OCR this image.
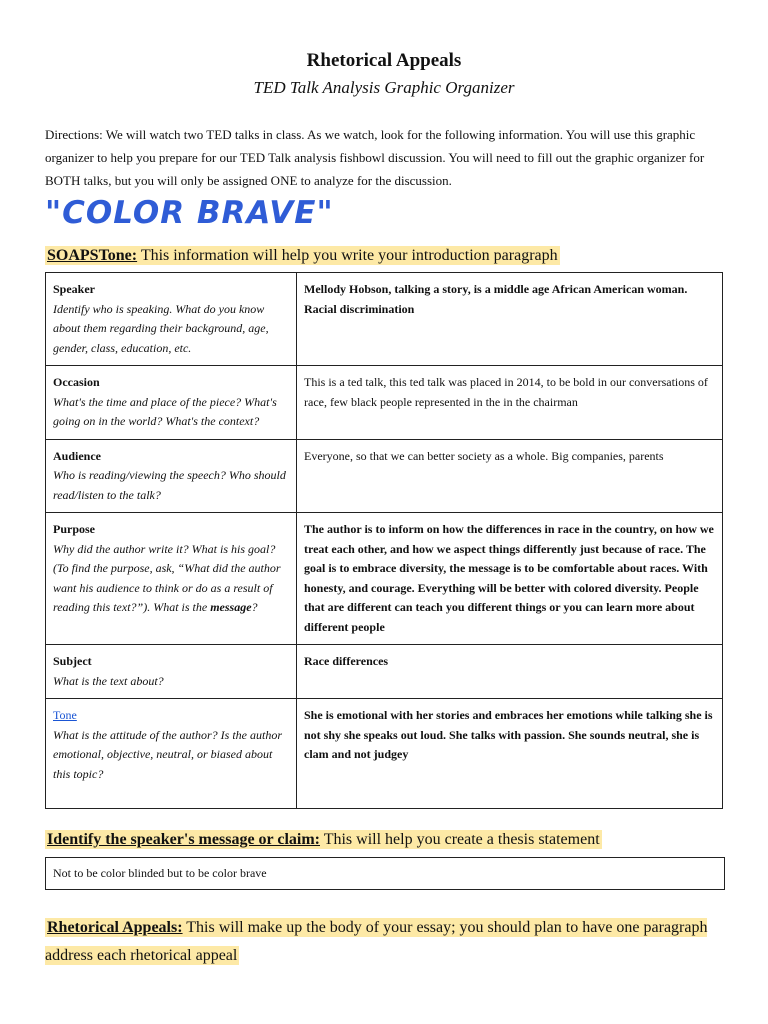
Rhetorical Appeals
TED Talk Analysis Graphic Organizer
Directions: We will watch two TED talks in class. As we watch, look for the following information. You will use this graphic organizer to help you prepare for our TED Talk analysis fishbowl discussion. You will need to fill out the graphic organizer for BOTH talks, but you will only be assigned ONE to analyze for the discussion.
"COLOR BRAVE"
SOAPSTone: This information will help you write your introduction paragraph
Speaker
Identify who is speaking. What do you know about them regarding their background, age, gender, class, education, etc.	Mellody Hobson, talking a story, is a middle age African American woman. Racial discrimination

Occasion
What's the time and place of the piece? What's going on in the world? What's the context?	This is a ted talk, this ted talk was placed in 2014, to be bold in our conversations of race, few black people represented in the in the chairman

Audience
Who is reading/viewing the speech? Who should read/listen to the talk?	Everyone, so that we can better society as a whole. Big companies, parents

Purpose
Why did the author write it? What is his goal? (To find the purpose, ask, “What did the author want his audience to think or do as a result of reading this text?”). What is the message?	The author is to inform on how the differences in race in the country, on how we treat each other, and how we aspect things differently just because of race. The goal is to embrace diversity, the message is to be comfortable about races. With honesty, and courage. Everything will be better with colored diversity. People that are different can teach you different things or you can learn more about different people

Subject
What is the text about?	Race differences

Tone
What is the attitude of the author? Is the author emotional, objective, neutral, or biased about this topic?	She is emotional with her stories and embraces her emotions while talking she is not shy she speaks out loud. She talks with passion. She sounds neutral, she is clam and not judgey
Identify the speaker's message or claim: This will help you create a thesis statement
Not to be color blinded but to be color brave
Rhetorical Appeals: This will make up the body of your essay; you should plan to have one paragraph address each rhetorical appeal
